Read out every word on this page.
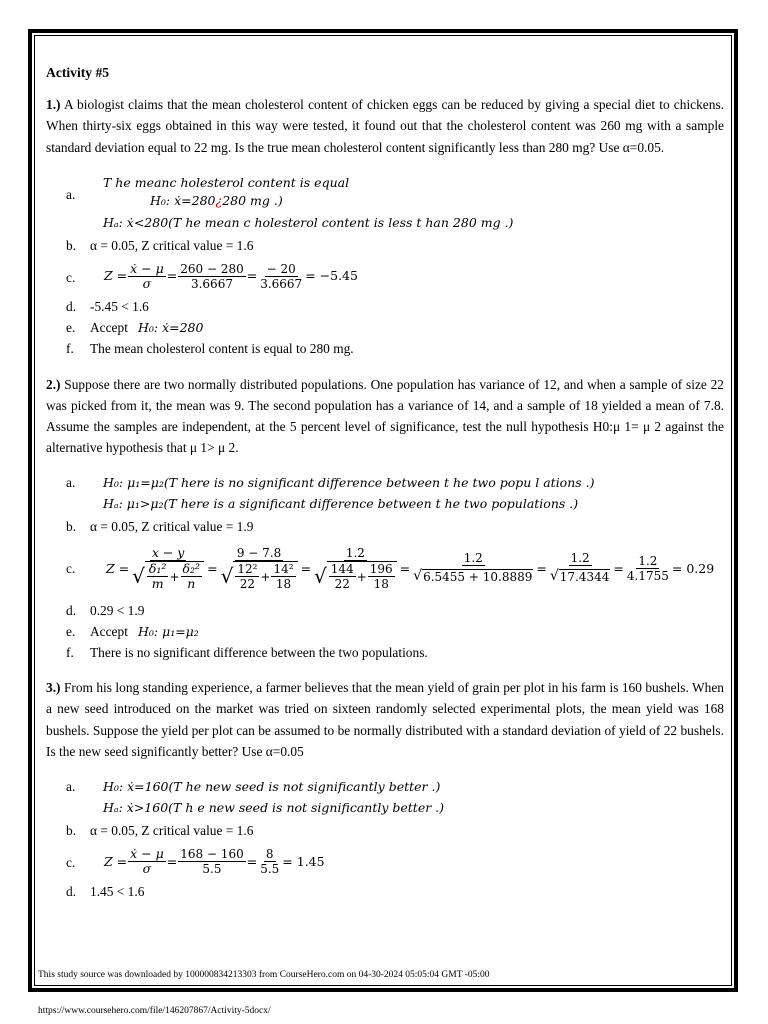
Activity #5

1.) A biologist claims that the mean cholesterol content of chicken eggs can be reduced by giving a special diet to chickens. When thirty-six eggs obtained in this way were tested, it found out that the cholesterol content was 260 mg with a sample standard deviation equal to 22 mg. Is the true mean cholesterol content significantly less than 280 mg? Use α=0.05.

a.
T he meanc holesterol content is equal
H₀: ẋ=280¿280 mg .)
Hₐ: ẋ<280(T he mean c holesterol content is less t han 280 mg .)
b. α = 0.05, Z critical value = 1.6
c. $Z = \frac{\text{ẋ − μ}}{\sigma} = \frac{260 - 280}{3.6667} = \frac{- 20}{3.6667} = -5.45$
d. -5.45 < 1.6
e. Accept H₀: ẋ=280
f. The mean cholesterol content is equal to 280 mg.

2.) Suppose there are two normally distributed populations. One population has variance of 12, and when a sample of size 22 was picked from it, the mean was 9. The second population has a variance of 14, and a sample of 18 yielded a mean of 7.8. Assume the samples are independent, at the 5 percent level of significance, test the null hypothesis H0:μ 1= μ 2 against the alternative hypothesis that μ 1> μ 2.

a. H₀: μ₁=μ₂(T here is no significant difference between t he two popu l ations .)
Hₐ: μ₁>μ₂(T here is a significant difference between t he two populations .)
b. α = 0.05, Z critical value = 1.9
c. $Z = \frac{x - y}{√ \frac{\text{δ₁²}}{m} + \frac{\text{δ₂²}}{n}} = \frac{9 - 7.8}{√ \frac{\text{12²}}{22} + \frac{\text{14²}}{18}} = \frac{1.2}{√ \frac{144}{22} + \frac{196}{18}} = \frac{1.2}{√ 6.5455 + 10.8889} = \frac{1.2}{√ 17.4344} = \frac{1.2}{4.1755} = 0.29$
d. 0.29 < 1.9
e. Accept H₀: μ₁=μ₂
f. There is no significant difference between the two populations.

3.) From his long standing experience, a farmer believes that the mean yield of grain per plot in his farm is 160 bushels. When a new seed introduced on the market was tried on sixteen randomly selected experimental plots, the mean yield was 168 bushels. Suppose the yield per plot can be assumed to be normally distributed with a standard deviation of yield of 22 bushels. Is the new seed significantly better? Use α=0.05

a. H₀: ẋ=160(T he new seed is not significantly better .)
Hₐ: ẋ>160(T h e new seed is not significantly better .)
b. α = 0.05, Z critical value = 1.6
c. $Z = \frac{\text{ẋ − μ}}{\sigma} = \frac{168 - 160}{5.5} = \frac{8}{5.5} = 1.45$
d. 1.45 < 1.6
This study source was downloaded by 100000834213303 from CourseHero.com on 04-30-2024 05:05:04 GMT -05:00
https://www.coursehero.com/file/146207867/Activity-5docx/
